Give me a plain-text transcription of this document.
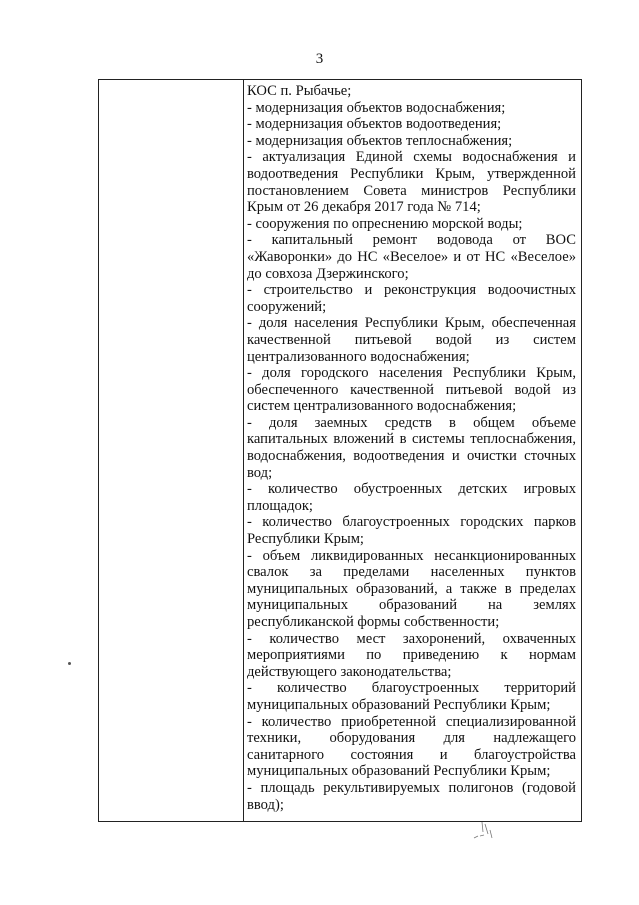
3
КОС п. Рыбачье;
- модернизация объектов водоснабжения;
- модернизация объектов водоотведения;
- модернизация объектов теплоснабжения;
- актуализация Единой схемы водоснабжения и
водоотведения Республики Крым, утвержденной
постановлением Совета министров Республики
Крым от 26 декабря 2017 года № 714;
- сооружения по опреснению морской воды;
- капитальный ремонт водовода от ВОС
«Жаворонки» до НС «Веселое» и от НС «Веселое»
до совхоза Дзержинского;
- строительство и реконструкция водоочистных
сооружений;
- доля населения Республики Крым, обеспеченная
качественной питьевой водой из систем
централизованного водоснабжения;
- доля городского населения Республики Крым,
обеспеченного качественной питьевой водой из
систем централизованного водоснабжения;
- доля заемных средств в общем объеме
капитальных вложений в системы теплоснабжения,
водоснабжения, водоотведения и очистки сточных
вод;
- количество обустроенных детских игровых
площадок;
- количество благоустроенных городских парков
Республики Крым;
- объем ликвидированных несанкционированных
свалок за пределами населенных пунктов
муниципальных образований, а также в пределах
муниципальных образований на землях
республиканской формы собственности;
- количество мест захоронений, охваченных
мероприятиями по приведению к нормам
действующего законодательства;
- количество благоустроенных территорий
муниципальных образований Республики Крым;
- количество приобретенной специализированной
техники, оборудования для надлежащего
санитарного состояния и благоустройства
муниципальных образований Республики Крым;
- площадь рекультивируемых полигонов (годовой
ввод);
